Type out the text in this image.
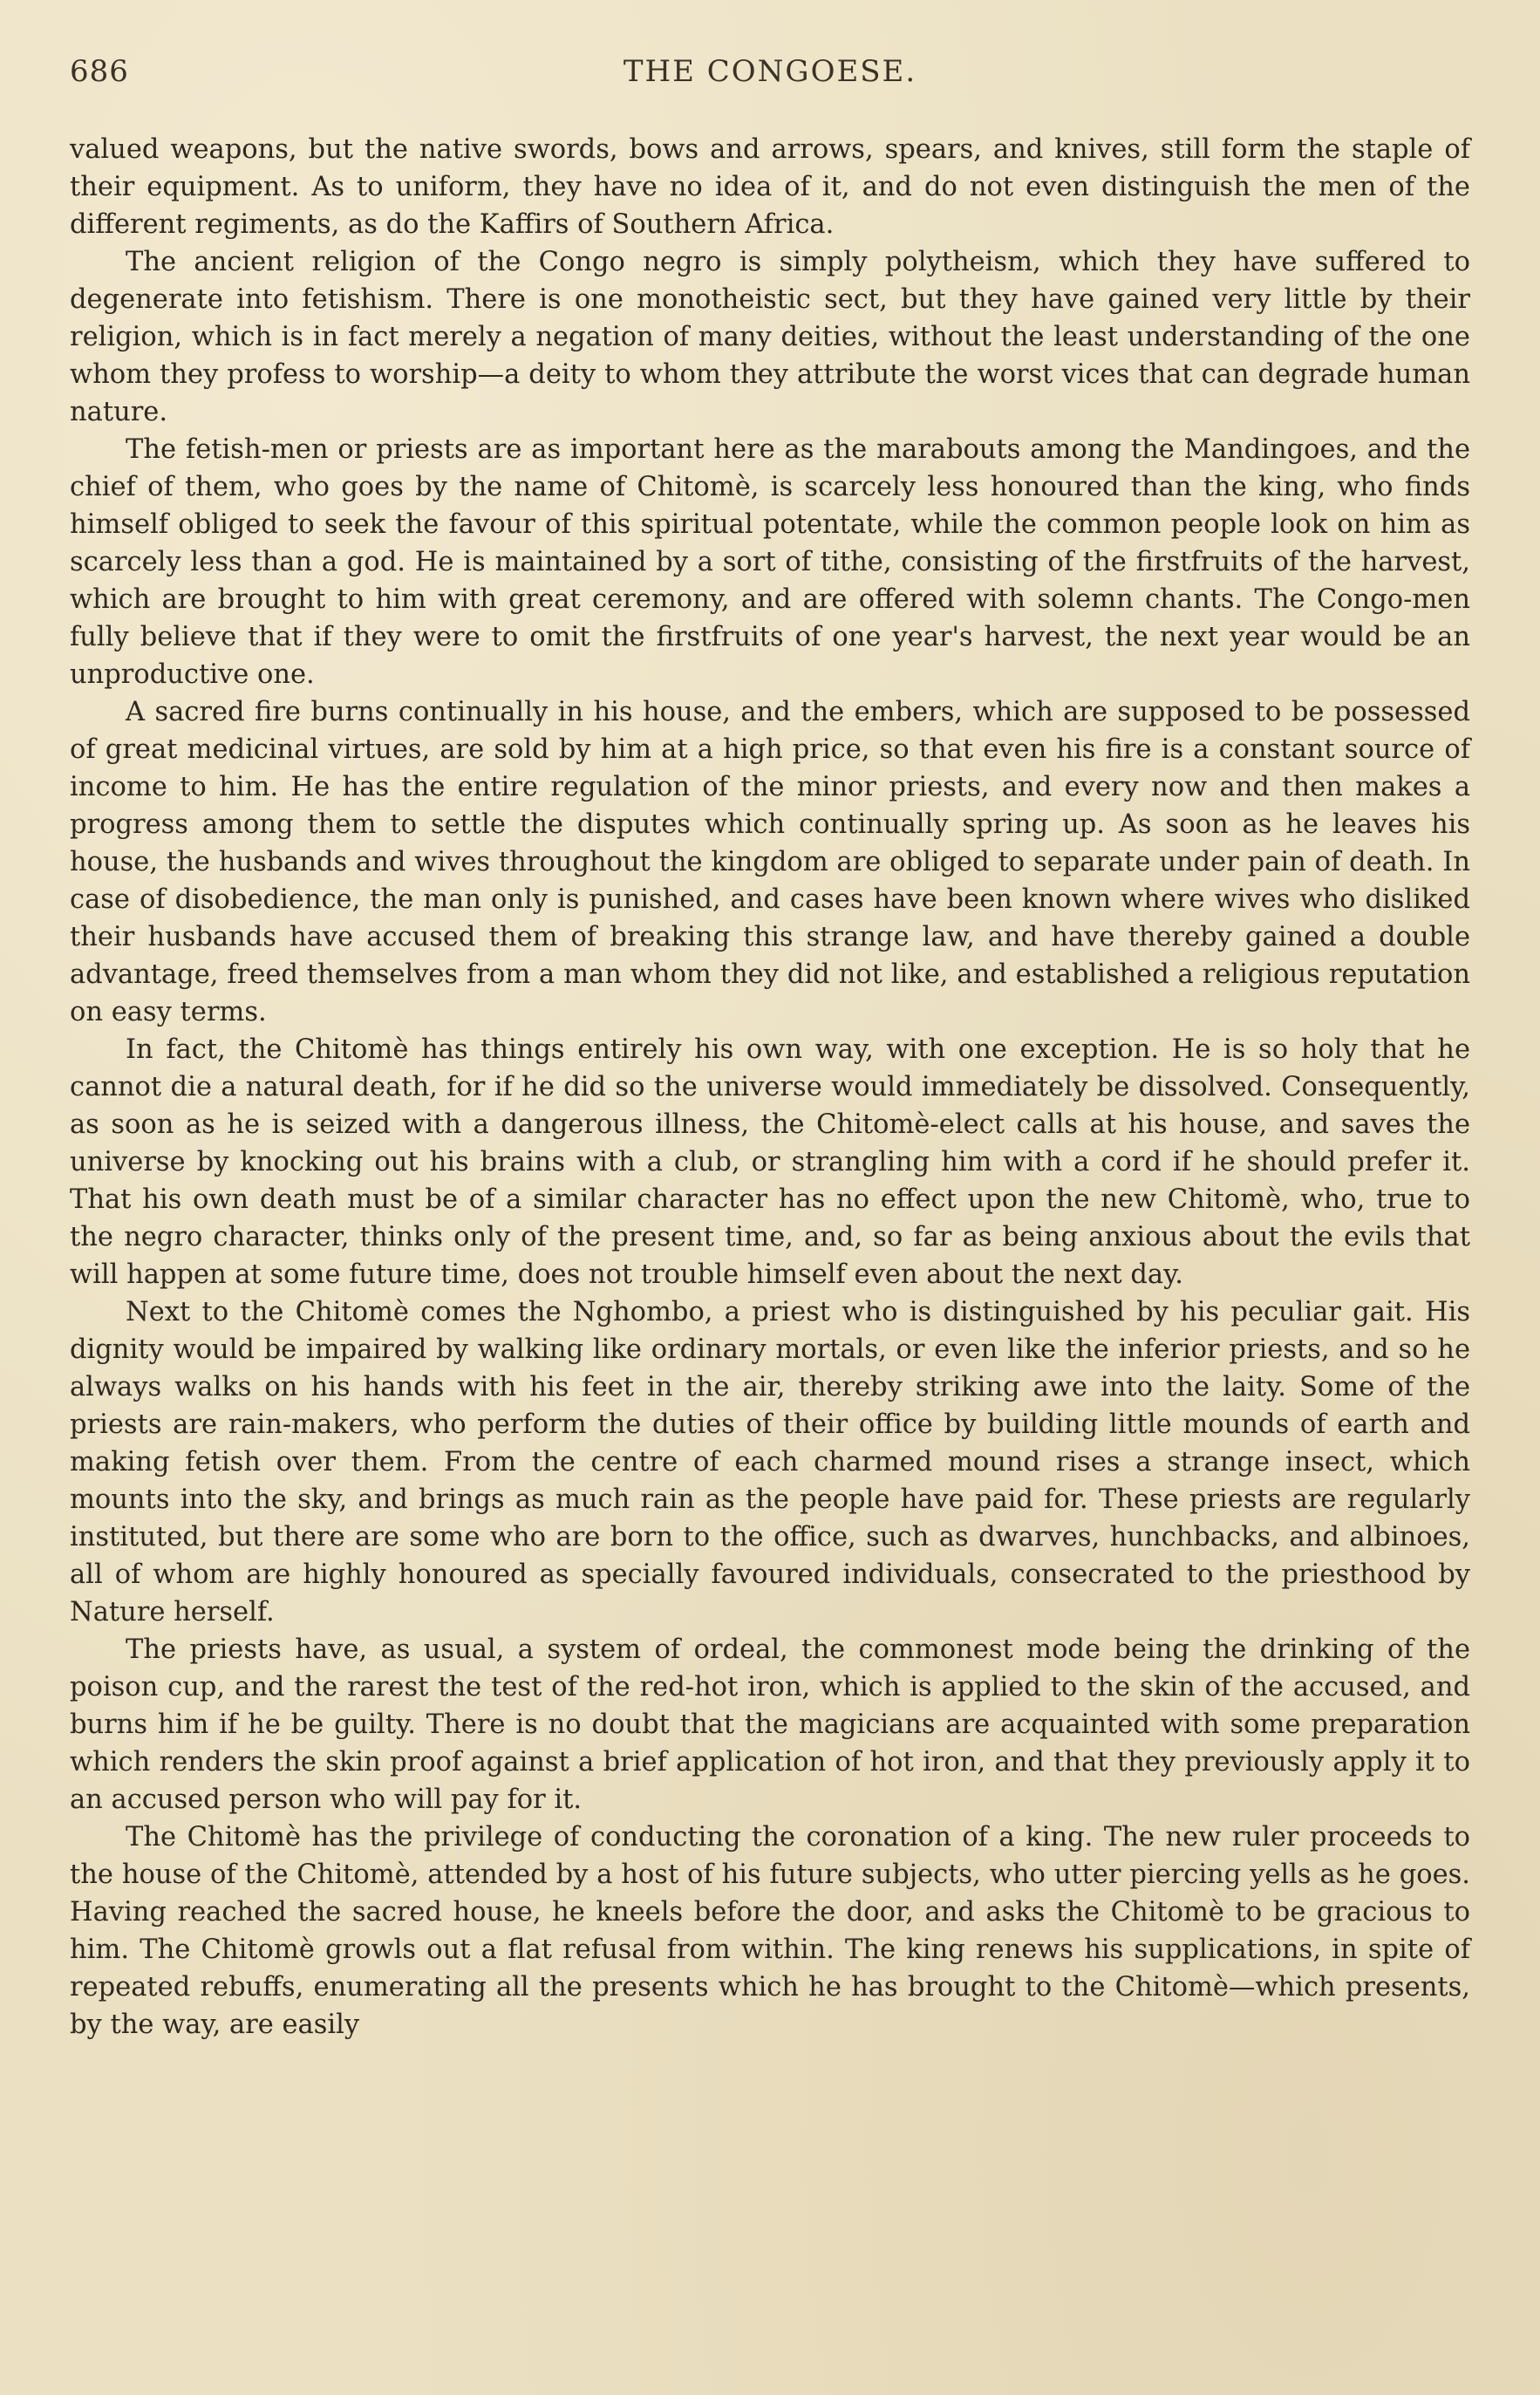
686	THE CONGOESE.

valued weapons, but the native swords, bows and arrows, spears, and knives, still form the staple of their equipment. As to uniform, they have no idea of it, and do not even distinguish the men of the different regiments, as do the Kaffirs of Southern Africa.

The ancient religion of the Congo negro is simply polytheism, which they have suffered to degenerate into fetishism. There is one monotheistic sect, but they have gained very little by their religion, which is in fact merely a negation of many deities, without the least understanding of the one whom they profess to worship—a deity to whom they attribute the worst vices that can degrade human nature.

The fetish-men or priests are as important here as the marabouts among the Mandingoes, and the chief of them, who goes by the name of Chitomè, is scarcely less honoured than the king, who finds himself obliged to seek the favour of this spiritual potentate, while the common people look on him as scarcely less than a god. He is maintained by a sort of tithe, consisting of the firstfruits of the harvest, which are brought to him with great ceremony, and are offered with solemn chants. The Congo-men fully believe that if they were to omit the firstfruits of one year's harvest, the next year would be an unproductive one.

A sacred fire burns continually in his house, and the embers, which are supposed to be possessed of great medicinal virtues, are sold by him at a high price, so that even his fire is a constant source of income to him. He has the entire regulation of the minor priests, and every now and then makes a progress among them to settle the disputes which continually spring up. As soon as he leaves his house, the husbands and wives throughout the kingdom are obliged to separate under pain of death. In case of disobedience, the man only is punished, and cases have been known where wives who disliked their husbands have accused them of breaking this strange law, and have thereby gained a double advantage, freed themselves from a man whom they did not like, and established a religious reputation on easy terms.

In fact, the Chitomè has things entirely his own way, with one exception. He is so holy that he cannot die a natural death, for if he did so the universe would immediately be dissolved. Consequently, as soon as he is seized with a dangerous illness, the Chitomè-elect calls at his house, and saves the universe by knocking out his brains with a club, or strangling him with a cord if he should prefer it. That his own death must be of a similar character has no effect upon the new Chitomè, who, true to the negro character, thinks only of the present time, and, so far as being anxious about the evils that will happen at some future time, does not trouble himself even about the next day.

Next to the Chitomè comes the Nghombo, a priest who is distinguished by his peculiar gait. His dignity would be impaired by walking like ordinary mortals, or even like the inferior priests, and so he always walks on his hands with his feet in the air, thereby striking awe into the laity. Some of the priests are rain-makers, who perform the duties of their office by building little mounds of earth and making fetish over them. From the centre of each charmed mound rises a strange insect, which mounts into the sky, and brings as much rain as the people have paid for. These priests are regularly instituted, but there are some who are born to the office, such as dwarves, hunchbacks, and albinoes, all of whom are highly honoured as specially favoured individuals, consecrated to the priesthood by Nature herself.

The priests have, as usual, a system of ordeal, the commonest mode being the drinking of the poison cup, and the rarest the test of the red-hot iron, which is applied to the skin of the accused, and burns him if he be guilty. There is no doubt that the magicians are acquainted with some preparation which renders the skin proof against a brief application of hot iron, and that they previously apply it to an accused person who will pay for it.

The Chitomè has the privilege of conducting the coronation of a king. The new ruler proceeds to the house of the Chitomè, attended by a host of his future subjects, who utter piercing yells as he goes. Having reached the sacred house, he kneels before the door, and asks the Chitomè to be gracious to him. The Chitomè growls out a flat refusal from within. The king renews his supplications, in spite of repeated rebuffs, enumerating all the presents which he has brought to the Chitomè—which presents, by the way, are easily
